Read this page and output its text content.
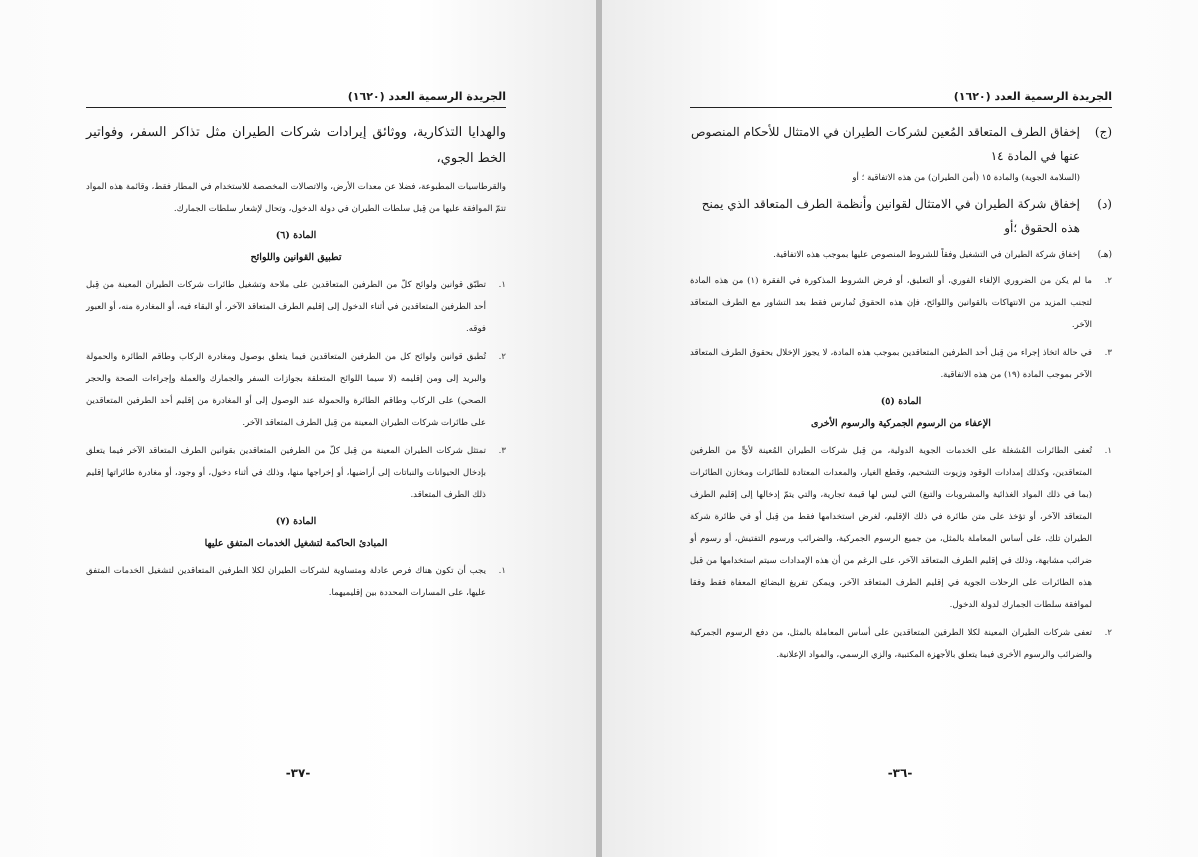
الجريدة الرسمية العدد (١٦٢٠)

والهدايا التذكارية، ووثائق إيرادات شركات الطيران مثل تذاكر السفر، وفواتير الخط الجوي،

والقرطاسيات المطبوعة، فضلا عن معدات الأرض، والاتصالات المخصصة للاستخدام في المطار فقط، وقائمة هذه المواد تتمّ الموافقة عليها من قِبل سلطات الطيران في دولة الدخول، وتحال لإشعار سلطات الجمارك.

المادة (٦)
تطبيق القوانين واللوائح
١.
تطبّق قوانين ولوائح كلّ من الطرفين المتعاقدين على ملاحة وتشغيل طائرات شركات الطيران المعينة من قِبل أحد الطرفين المتعاقدين في أثناء الدخول إلى إقليم الطرف المتعاقد الآخر، أو البقاء فيه، أو المغادرة منه، أو العبور فوقه.
٢.
تُطبق قوانين ولوائح كل من الطرفين المتعاقدين فيما يتعلق بوصول ومغادرة الركاب وطاقم الطائرة والحمولة والبريد إلى ومن إقليمه (لا سيما اللوائح المتعلقة بجوازات السفر والجمارك والعملة وإجراءات الصحة والحجر الصحي) على الركاب وطاقم الطائرة والحمولة عند الوصول إلى أو المغادرة من إقليم أحد الطرفين المتعاقدين على طائرات شركات الطيران المعينة من قِبل الطرف المتعاقد الآخر.
٣.
تمتثل شركات الطيران المعينة من قِبل كلّ من الطرفين المتعاقدين بقوانين الطرف المتعاقد الآخر فيما يتعلق بإدخال الحيوانات والنباتات إلى أراضيها، أو إخراجها منها، وذلك في أثناء دخول، أو وجود، أو مغادرة طائراتها إقليم ذلك الطرف المتعاقد.
المادة (٧)
المبادئ الحاكمة لتشغيل الخدمات المتفق عليها
١.
يجب أن تكون هناك فرص عادلة ومتساوية لشركات الطيران لكلا الطرفين المتعاقدين لتشغيل الخدمات المتفق عليها، على المسارات المحددة بين إقليميهما.
-٣٧-
الجريدة الرسمية العدد (١٦٢٠)
(ج)
إخفاق الطرف المتعاقد المُعين لشركات الطيران في الامتثال للأحكام المنصوص عنها في المادة ١٤
(السلامة الجوية) والمادة ١٥ (أمن الطيران) من هذه الاتفاقية ؛ أو
(د)
إخفاق شركة الطيران في الامتثال لقوانين وأنظمة الطرف المتعاقد الذي يمنح هذه الحقوق ؛أو
(هـ)
إخفاق شركة الطيران في التشغيل وفقاً للشروط المنصوص عليها بموجب هذه الاتفاقية.
٢.
ما لم يكن من الضروري الإلغاء الفوري، أو التعليق، أو فرض الشروط المذكورة في الفقرة (١) من هذه المادة لتجنب المزيد من الانتهاكات بالقوانين واللوائح، فإن هذه الحقوق تُمارس فقط بعد التشاور مع الطرف المتعاقد الآخر.
٣.
في حالة اتخاذ إجراء من قِبل أحد الطرفين المتعاقدين بموجب هذه المادة، لا يجوز الإخلال بحقوق الطرف المتعاقد الآخر بموجب المادة (١٩) من هذه الاتفاقية.
المادة (٥)
الإعفاء من الرسوم الجمركية والرسوم الأخرى
١.
تُعفى الطائرات المُشغلة على الخدمات الجوية الدولية، من قِبل شركات الطيران المُعينة لأيٍّ من الطرفين المتعاقدين، وكذلك إمدادات الوقود وزيوت التشحيم، وقطع الغيار، والمعدات المعتادة للطائرات ومخازن الطائرات (بما في ذلك المواد الغذائية والمشروبات والتبغ) التي ليس لها قيمة تجارية، والتي يتمّ إدخالها إلى إقليم الطرف المتعاقد الآخر، أو تؤخذ على متن طائرة في ذلك الإقليم، لغرض استخدامها فقط من قِبل أو في طائرة شركة الطيران تلك، على أساس المعاملة بالمثل، من جميع الرسوم الجمركية، والضرائب ورسوم التفتيش، أو رسوم أو ضرائب مشابهة، وذلك في إقليم الطرف المتعاقد الآخر، على الرغم من أن هذه الإمدادات سيتم استخدامها من قبل هذه الطائرات على الرحلات الجوية في إقليم الطرف المتعاقد الآخر، ويمكن تفريغ البضائع المعفاة فقط وفقا لموافقة سلطات الجمارك لدولة الدخول.
٢.
تعفى شركات الطيران المعينة لكلا الطرفين المتعاقدين على أساس المعاملة بالمثل، من دفع الرسوم الجمركية والضرائب والرسوم الأخرى فيما يتعلق بالأجهزة المكتبية، والزي الرسمي، والمواد الإعلانية.
-٣٦-
